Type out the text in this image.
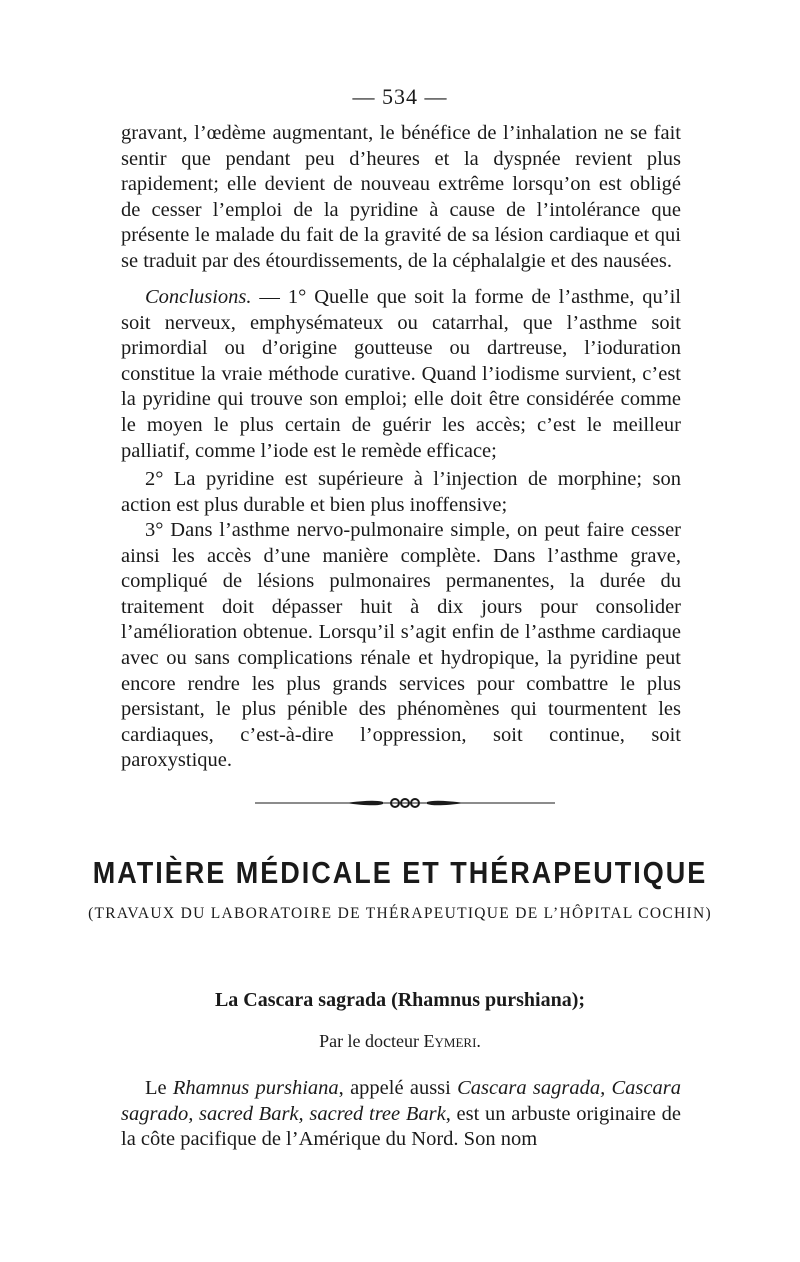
— 534 —

gravant, l’œdème augmentant, le bénéfice de l’inhalation ne se fait sentir que pendant peu d’heures et la dyspnée revient plus rapidement; elle devient de nouveau extrême lorsqu’on est obligé de cesser l’emploi de la pyridine à cause de l’intolérance que présente le malade du fait de la gravité de sa lésion cardiaque et qui se traduit par des étourdissements, de la céphalalgie et des nausées.

Conclusions. — 1° Quelle que soit la forme de l’asthme, qu’il soit nerveux, emphysémateux ou catarrhal, que l’asthme soit primordial ou d’origine goutteuse ou dartreuse, l’ioduration constitue la vraie méthode curative. Quand l’iodisme survient, c’est la pyridine qui trouve son emploi; elle doit être considérée comme le moyen le plus certain de guérir les accès; c’est le meilleur palliatif, comme l’iode est le remède efficace;

2° La pyridine est supérieure à l’injection de morphine; son action est plus durable et bien plus inoffensive;

3° Dans l’asthme nervo-pulmonaire simple, on peut faire cesser ainsi les accès d’une manière complète. Dans l’asthme grave, compliqué de lésions pulmonaires permanentes, la durée du traitement doit dépasser huit à dix jours pour consolider l’amélioration obtenue. Lorsqu’il s’agit enfin de l’asthme cardiaque avec ou sans complications rénale et hydropique, la pyridine peut encore rendre les plus grands services pour combattre le plus persistant, le plus pénible des phénomènes qui tourmentent les cardiaques, c’est-à-dire l’oppression, soit continue, soit paroxystique.

MATIÈRE MÉDICALE ET THÉRAPEUTIQUE
(TRAVAUX DU LABORATOIRE DE THÉRAPEUTIQUE DE L’HÔPITAL COCHIN)
La Cascara sagrada (Rhamnus purshiana);
Par le docteur Eymeri.

Le Rhamnus purshiana, appelé aussi Cascara sagrada, Cascara sagrado, sacred Bark, sacred tree Bark, est un arbuste originaire de la côte pacifique de l’Amérique du Nord. Son nom
